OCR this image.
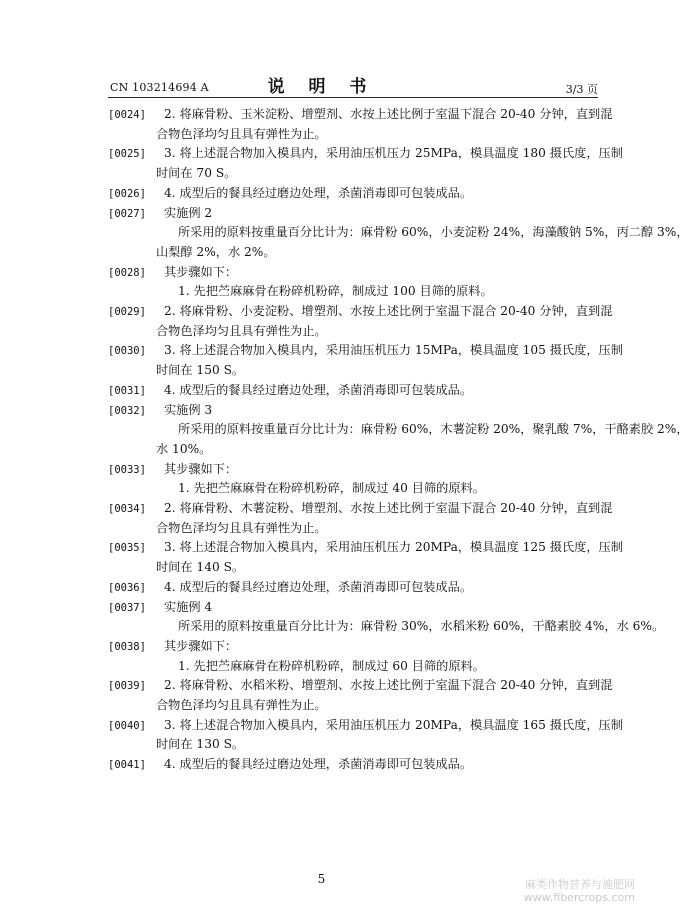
CN 103214694 A	说 明 书	3/3 页
[0024] 2. 将麻骨粉、玉米淀粉、增塑剂、水按上述比例于室温下混合 20-40 分钟，直到混
合物色泽均匀且具有弹性为止。
[0025] 3. 将上述混合物加入模具内，采用油压机压力 25MPa，模具温度 180 摄氏度，压制
时间在 70 S。
[0026] 4. 成型后的餐具经过磨边处理，杀菌消毒即可包装成品。
[0027] 实施例 2
所采用的原料按重量百分比计为：麻骨粉 60%，小麦淀粉 24%，海藻酸钠 5%，丙二醇 3%，
山梨醇 2%，水 2%。
[0028] 其步骤如下：
1. 先把苎麻麻骨在粉碎机粉碎，制成过 100 目筛的原料。
[0029] 2. 将麻骨粉、小麦淀粉、增塑剂、水按上述比例于室温下混合 20-40 分钟，直到混
合物色泽均匀且具有弹性为止。
[0030] 3. 将上述混合物加入模具内，采用油压机压力 15MPa，模具温度 105 摄氏度，压制
时间在 150 S。
[0031] 4. 成型后的餐具经过磨边处理，杀菌消毒即可包装成品。
[0032] 实施例 3
所采用的原料按重量百分比计为：麻骨粉 60%，木薯淀粉 20%，聚乳酸 7%，干酪素胶 2%，
水 10%。
[0033] 其步骤如下：
1. 先把苎麻麻骨在粉碎机粉碎，制成过 40 目筛的原料。
[0034] 2. 将麻骨粉、木薯淀粉、增塑剂、水按上述比例于室温下混合 20-40 分钟，直到混
合物色泽均匀且具有弹性为止。
[0035] 3. 将上述混合物加入模具内，采用油压机压力 20MPa，模具温度 125 摄氏度，压制
时间在 140 S。
[0036] 4. 成型后的餐具经过磨边处理，杀菌消毒即可包装成品。
[0037] 实施例 4
所采用的原料按重量百分比计为：麻骨粉 30%，水稻米粉 60%，干酪素胶 4%，水 6%。
[0038] 其步骤如下：
1. 先把苎麻麻骨在粉碎机粉碎，制成过 60 目筛的原料。
[0039] 2. 将麻骨粉、水稻米粉、增塑剂、水按上述比例于室温下混合 20-40 分钟，直到混
合物色泽均匀且具有弹性为止。
[0040] 3. 将上述混合物加入模具内，采用油压机压力 20MPa，模具温度 165 摄氏度，压制
时间在 130 S。
[0041] 4. 成型后的餐具经过磨边处理，杀菌消毒即可包装成品。
5	麻类作物营养与施肥网
www.fibercrops.com
